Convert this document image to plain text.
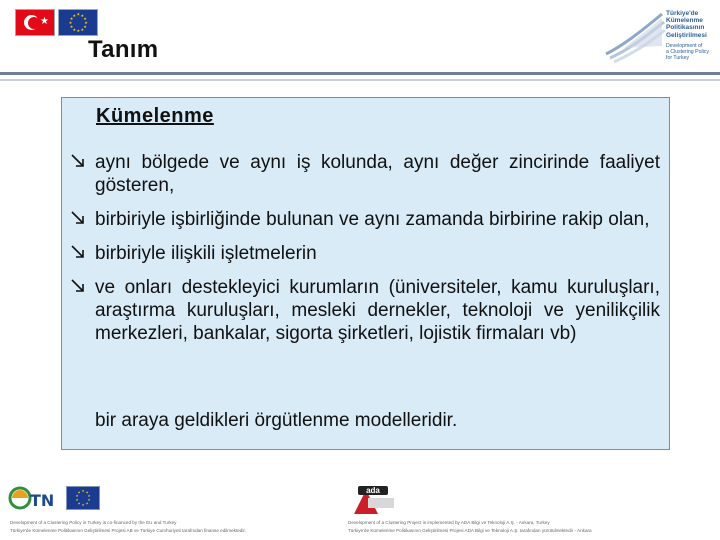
★
★ ★
★
★
★
★
★
★
★
★
★
★
Tanım
Türkiye'de
Kümelenme
Politikasının
Geliştirilmesi
Development of
a Clustering Policy
for Turkey
Kümelenme
aynı bölgede ve aynı iş kolunda, aynı değer zincirinde faaliyet gösteren,
birbiriyle işbirliğinde bulunan ve aynı zamanda birbirine rakip olan,
birbiriyle ilişkili işletmelerin
ve onları destekleyici kurumların (üniversiteler, kamu kuruluşları, araştırma kuruluşları, mesleki dernekler, teknoloji ve yenilikçilik merkezleri, bankalar, sigorta şirketleri, lojistik firmaları vb)
bir araya geldikleri örgütlenme modelleridir.
TN	★ ★
★
★
★
★
★
★
★
★	ada
Development of a Clustering Policy in Turkey is co-financed by the EU and Turkey
Türkiye'de Kümelenme Politikasının Geliştirilmesi Projesi AB ve Türkiye Cumhuriyeti tarafından finanse edilmektedir.
Development of a Clustering Project is implemented by ADA Bilgi ve Teknoloji A.Ş. - Ankara, Turkey
Türkiye'de Kümelenme Politikasının Geliştirilmesi Projesi ADA Bilgi ve Teknoloji A.Ş. tarafından yürütülmektedir - Ankara
